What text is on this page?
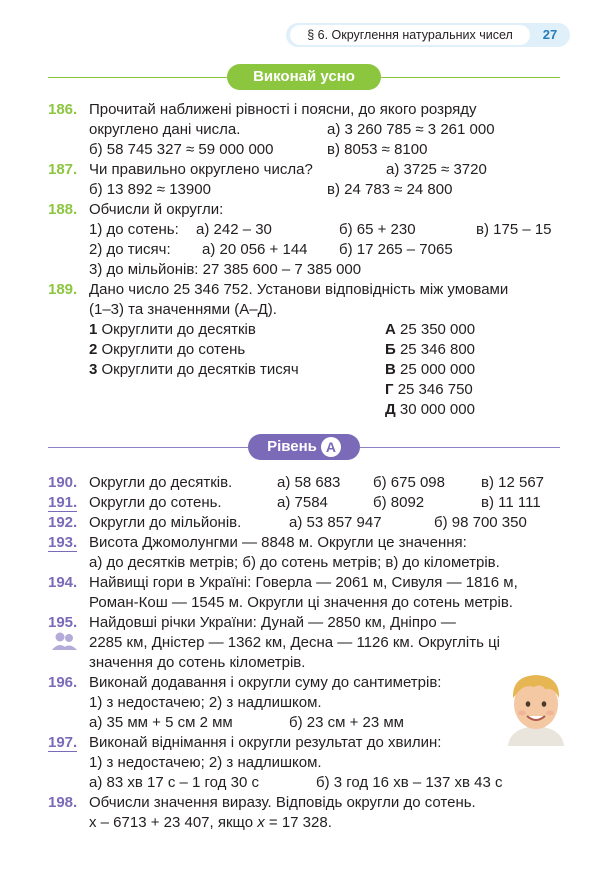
§ 6. Округлення натуральних чисел	27
Виконай усно
186. Прочитай наближені рівності і поясни, до якого розряду
округлено дані числа.	а) 3 260 785 ≈ 3 261 000
б) 58 745 327 ≈ 59 000 000	в) 8053 ≈ 8100
187. Чи правильно округлено числа?	а) 3725 ≈ 3720
б) 13 892 ≈ 13900	в) 24 783 ≈ 24 800
188. Обчисли й округли:
1) до сотень: а) 242 – 30	б) 65 + 230	в) 175 – 15
2) до тисяч: а) 20 056 + 144 б) 17 265 – 7065
3) до мільйонів: 27 385 600 – 7 385 000
189. Дано число 25 346 752. Установи відповідність між умовами
(1–3) та значеннями (А–Д).
1 Округлити до десятків
2 Округлити до сотень
3 Округлити до десятків тисяч
А 25 350 000
Б 25 346 800
В 25 000 000
Г 25 346 750
Д 30 000 000
Рівень А
190. Округли до десятків.	а) 58 683 б) 675 098 в) 12 567
191. Округли до сотень.	а) 7584	б) 8092	в) 11 111
192. Округли до мільйонів.	а) 53 857 947	б) 98 700 350
193. Висота Джомолунгми — 8848 м. Округли це значення:
а) до десятків метрів; б) до сотень метрів; в) до кілометрів.
194. Найвищі гори в Україні: Говерла — 2061 м, Сивуля — 1816 м,
Роман-Кош — 1545 м. Округли ці значення до сотень метрів.
195. Найдовші річки України: Дунай — 2850 км, Дніпро —
2285 км, Дністер — 1362 км, Десна — 1126 км. Округліть ці
значення до сотень кілометрів.
196. Виконай додавання і округли суму до сантиметрів:
1) з недостачею; 2) з надлишком.
а) 35 мм + 5 см 2 мм	б) 23 см + 23 мм
197. Виконай віднімання і округли результат до хвилин:
1) з недостачею; 2) з надлишком.
а) 83 хв 17 с – 1 год 30 с	б) 3 год 16 хв – 137 хв 43 с
198. Обчисли значення виразу. Відповідь округли до сотень.
х – 6713 + 23 407, якщо х = 17 328.
